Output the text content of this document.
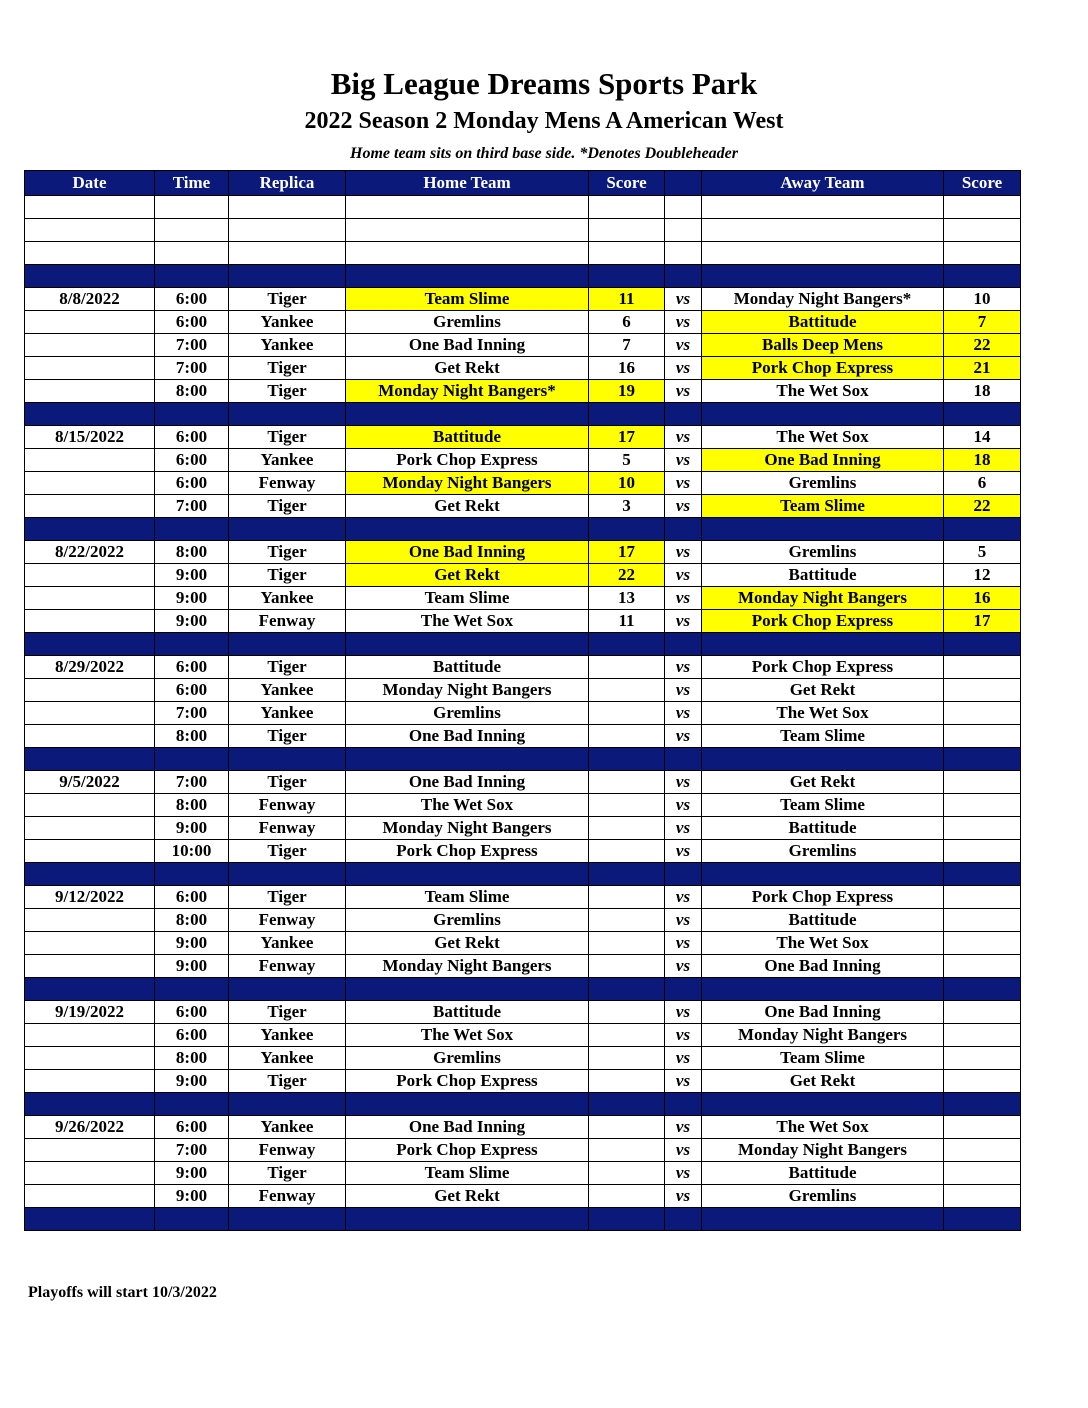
Big League Dreams Sports Park
2022 Season 2 Monday Mens A American West
Home team sits on third base side. *Denotes Doubleheader
Date	Time	Replica	Home Team	Score		Away Team	Score

8/8/2022	6:00	Tiger	Team Slime	11	vs	Monday Night Bangers*	10
	6:00	Yankee	Gremlins	6	vs	Battitude	7
	7:00	Yankee	One Bad Inning	7	vs	Balls Deep Mens	22
	7:00	Tiger	Get Rekt	16	vs	Pork Chop Express	21
	8:00	Tiger	Monday Night Bangers*	19	vs	The Wet Sox	18

8/15/2022	6:00	Tiger	Battitude	17	vs	The Wet Sox	14
	6:00	Yankee	Pork Chop Express	5	vs	One Bad Inning	18
	6:00	Fenway	Monday Night Bangers	10	vs	Gremlins	6
	7:00	Tiger	Get Rekt	3	vs	Team Slime	22

8/22/2022	8:00	Tiger	One Bad Inning	17	vs	Gremlins	5
	9:00	Tiger	Get Rekt	22	vs	Battitude	12
	9:00	Yankee	Team Slime	13	vs	Monday Night Bangers	16
	9:00	Fenway	The Wet Sox	11	vs	Pork Chop Express	17

8/29/2022	6:00	Tiger	Battitude		vs	Pork Chop Express	
	6:00	Yankee	Monday Night Bangers		vs	Get Rekt	
	7:00	Yankee	Gremlins		vs	The Wet Sox	
	8:00	Tiger	One Bad Inning		vs	Team Slime	

9/5/2022	7:00	Tiger	One Bad Inning		vs	Get Rekt	
	8:00	Fenway	The Wet Sox		vs	Team Slime	
	9:00	Fenway	Monday Night Bangers		vs	Battitude	
	10:00	Tiger	Pork Chop Express		vs	Gremlins	

9/12/2022	6:00	Tiger	Team Slime		vs	Pork Chop Express	
	8:00	Fenway	Gremlins		vs	Battitude	
	9:00	Yankee	Get Rekt		vs	The Wet Sox	
	9:00	Fenway	Monday Night Bangers		vs	One Bad Inning	

9/19/2022	6:00	Tiger	Battitude		vs	One Bad Inning	
	6:00	Yankee	The Wet Sox		vs	Monday Night Bangers	
	8:00	Yankee	Gremlins		vs	Team Slime	
	9:00	Tiger	Pork Chop Express		vs	Get Rekt	

9/26/2022	6:00	Yankee	One Bad Inning		vs	The Wet Sox	
	7:00	Fenway	Pork Chop Express		vs	Monday Night Bangers	
	9:00	Tiger	Team Slime		vs	Battitude	
	9:00	Fenway	Get Rekt		vs	Gremlins	

Playoffs will start 10/3/2022
